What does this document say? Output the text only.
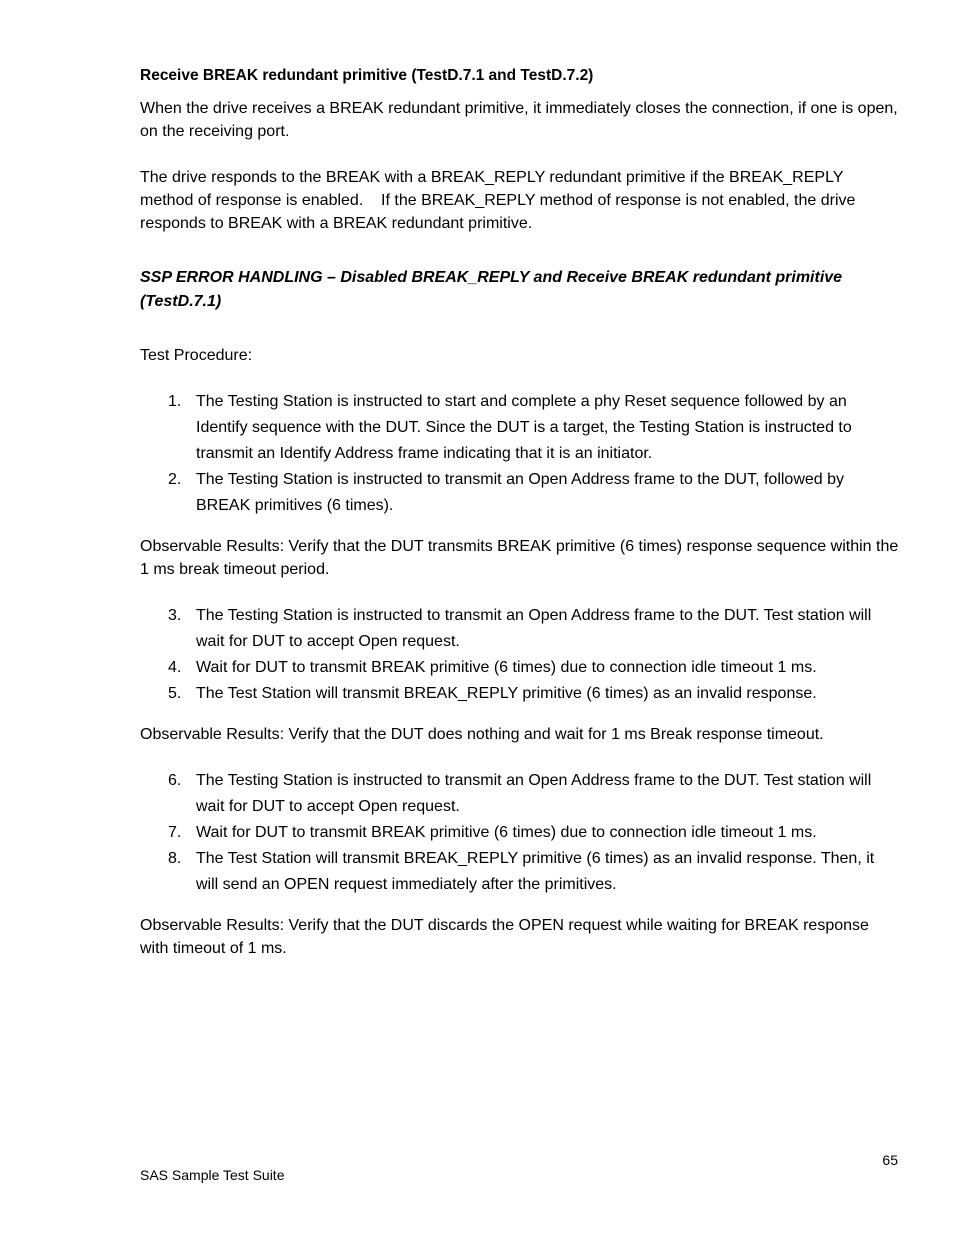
Receive BREAK redundant primitive (TestD.7.1 and TestD.7.2)

When the drive receives a BREAK redundant primitive, it immediately closes the connection, if one is open, on the receiving port.

The drive responds to the BREAK with a BREAK_REPLY redundant primitive if the BREAK_REPLY method of response is enabled.    If the BREAK_REPLY method of response is not enabled, the drive responds to BREAK with a BREAK redundant primitive.

SSP ERROR HANDLING – Disabled BREAK_REPLY and Receive BREAK redundant primitive (TestD.7.1)

Test Procedure:

1. The Testing Station is instructed to start and complete a phy Reset sequence followed by an Identify sequence with the DUT. Since the DUT is a target, the Testing Station is instructed to transmit an Identify Address frame indicating that it is an initiator.
2. The Testing Station is instructed to transmit an Open Address frame to the DUT, followed by BREAK primitives (6 times).

Observable Results: Verify that the DUT transmits BREAK primitive (6 times) response sequence within the 1 ms break timeout period.

3. The Testing Station is instructed to transmit an Open Address frame to the DUT. Test station will wait for DUT to accept Open request.
4. Wait for DUT to transmit BREAK primitive (6 times) due to connection idle timeout 1 ms.
5. The Test Station will transmit BREAK_REPLY primitive (6 times) as an invalid response.

Observable Results: Verify that the DUT does nothing and wait for 1 ms Break response timeout.

6. The Testing Station is instructed to transmit an Open Address frame to the DUT. Test station will wait for DUT to accept Open request.
7. Wait for DUT to transmit BREAK primitive (6 times) due to connection idle timeout 1 ms.
8. The Test Station will transmit BREAK_REPLY primitive (6 times) as an invalid response. Then, it will send an OPEN request immediately after the primitives.

Observable Results: Verify that the DUT discards the OPEN request while waiting for BREAK response with timeout of 1 ms.

65
SAS Sample Test Suite
